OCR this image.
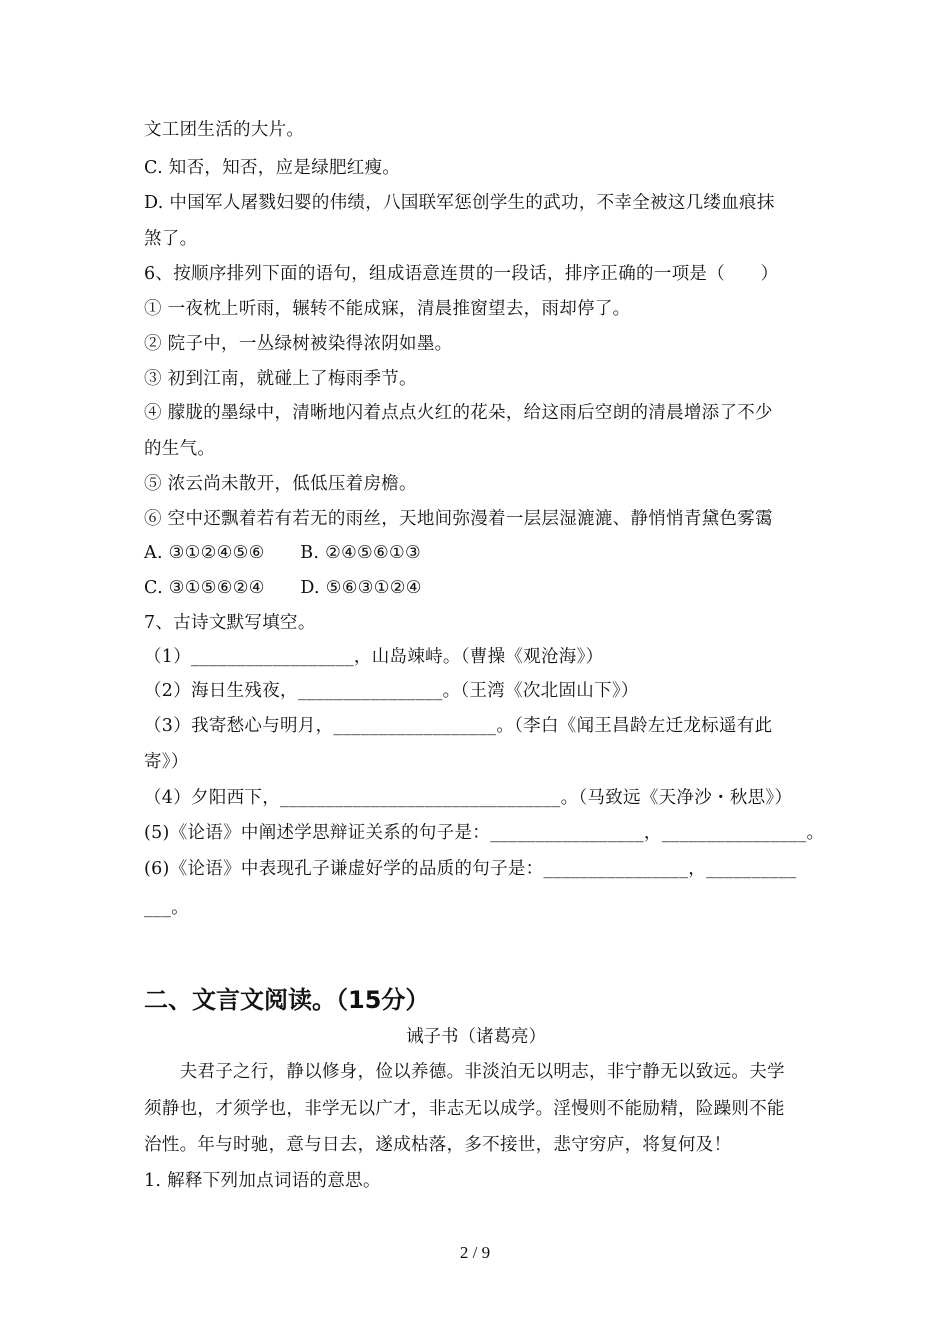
文工团生活的大片。
C. 知否，知否，应是绿肥红瘦。
D. 中国军人屠戮妇婴的伟绩，八国联军惩创学生的武功，不幸全被这几缕血痕抹
煞了。
6、按顺序排列下面的语句，组成语意连贯的一段话，排序正确的一项是（　　）
① 一夜枕上听雨，辗转不能成寐，清晨推窗望去，雨却停了。
② 院子中，一丛绿树被染得浓阴如墨。
③ 初到江南，就碰上了梅雨季节。
④ 朦胧的墨绿中，清晰地闪着点点火红的花朵，给这雨后空朗的清晨增添了不少
的生气。
⑤ 浓云尚未散开，低低压着房檐。
⑥ 空中还飘着若有若无的雨丝，天地间弥漫着一层层湿漉漉、静悄悄青黛色雾霭
A. ③①②④⑤⑥　　B. ②④⑤⑥①③
C. ③①⑤⑥②④　　D. ⑤⑥③①②④
7、古诗文默写填空。
（1）__________________，山岛竦峙。（曹操《观沧海》）
（2）海日生残夜，________________。（王湾《次北固山下》）
（3）我寄愁心与明月，__________________。（李白《闻王昌龄左迁龙标遥有此
寄》）
（4）夕阳西下，_______________________________。（马致远《天净沙・秋思》）
(5)《论语》中阐述学思辩证关系的句子是：_________________，________________。
(6)《论语》中表现孔子谦虚好学的品质的句子是：________________，__________
___。
二、文言文阅读。（15分）
诫子书（诸葛亮）
　　夫君子之行，静以修身，俭以养德。非淡泊无以明志，非宁静无以致远。夫学
须静也，才须学也，非学无以广才，非志无以成学。淫慢则不能励精，险躁则不能
治性。年与时驰，意与日去，遂成枯落，多不接世，悲守穷庐，将复何及！
1. 解释下列加点词语的意思。
2 / 9
